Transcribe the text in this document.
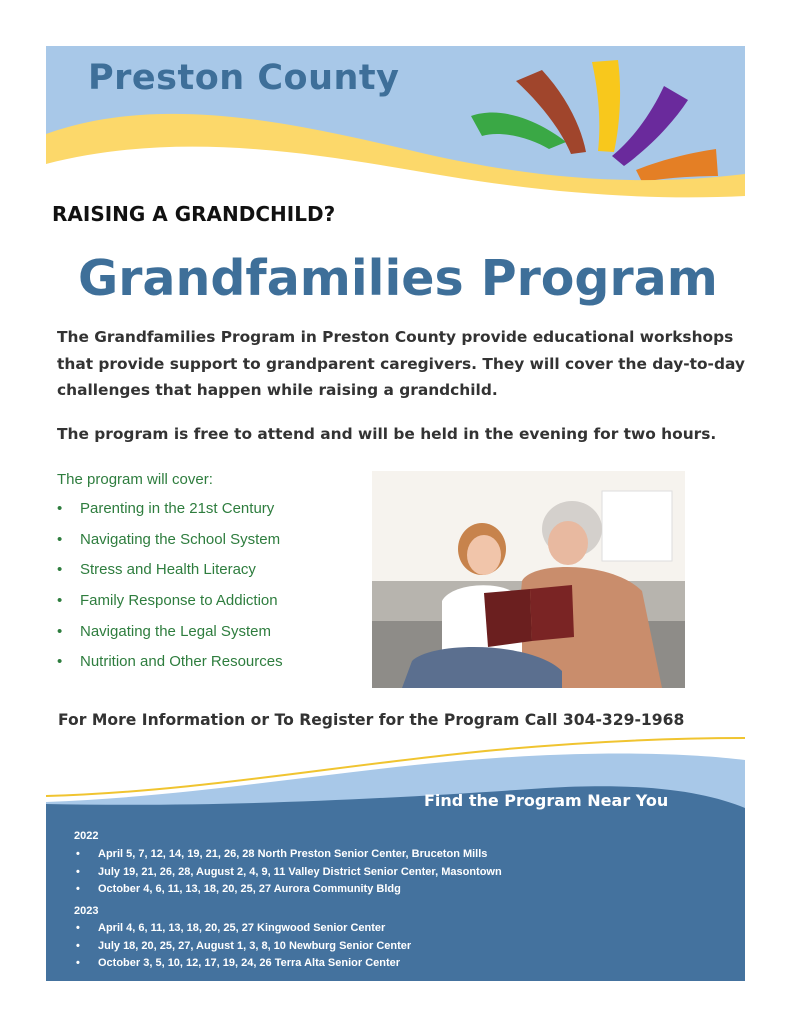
Preston County
RAISING A GRANDCHILD?
Grandfamilies Program

The Grandfamilies Program in Preston County provide educational workshops that provide support to grandparent caregivers. They will cover the day-to-day challenges that happen while raising a grandchild.

The program is free to attend and will be held in the evening for two hours.

The program will cover:
• Parenting in the 21st Century
• Navigating the School System
• Stress and Health Literacy
• Family Response to Addiction
• Navigating the Legal System
• Nutrition and Other Resources
For More Information or To Register for the Program Call 304-329-1968
Find the Program Near You
2022
• April 5, 7, 12, 14, 19, 21, 26, 28 North Preston Senior Center, Bruceton Mills
• July 19, 21, 26, 28, August 2, 4, 9, 11 Valley District Senior Center, Masontown
• October 4, 6, 11, 13, 18, 20, 25, 27 Aurora Community Bldg
2023
• April 4, 6, 11, 13, 18, 20, 25, 27 Kingwood Senior Center
• July 18, 20, 25, 27, August 1, 3, 8, 10 Newburg Senior Center
• October 3, 5, 10, 12, 17, 19, 24, 26 Terra Alta Senior Center
